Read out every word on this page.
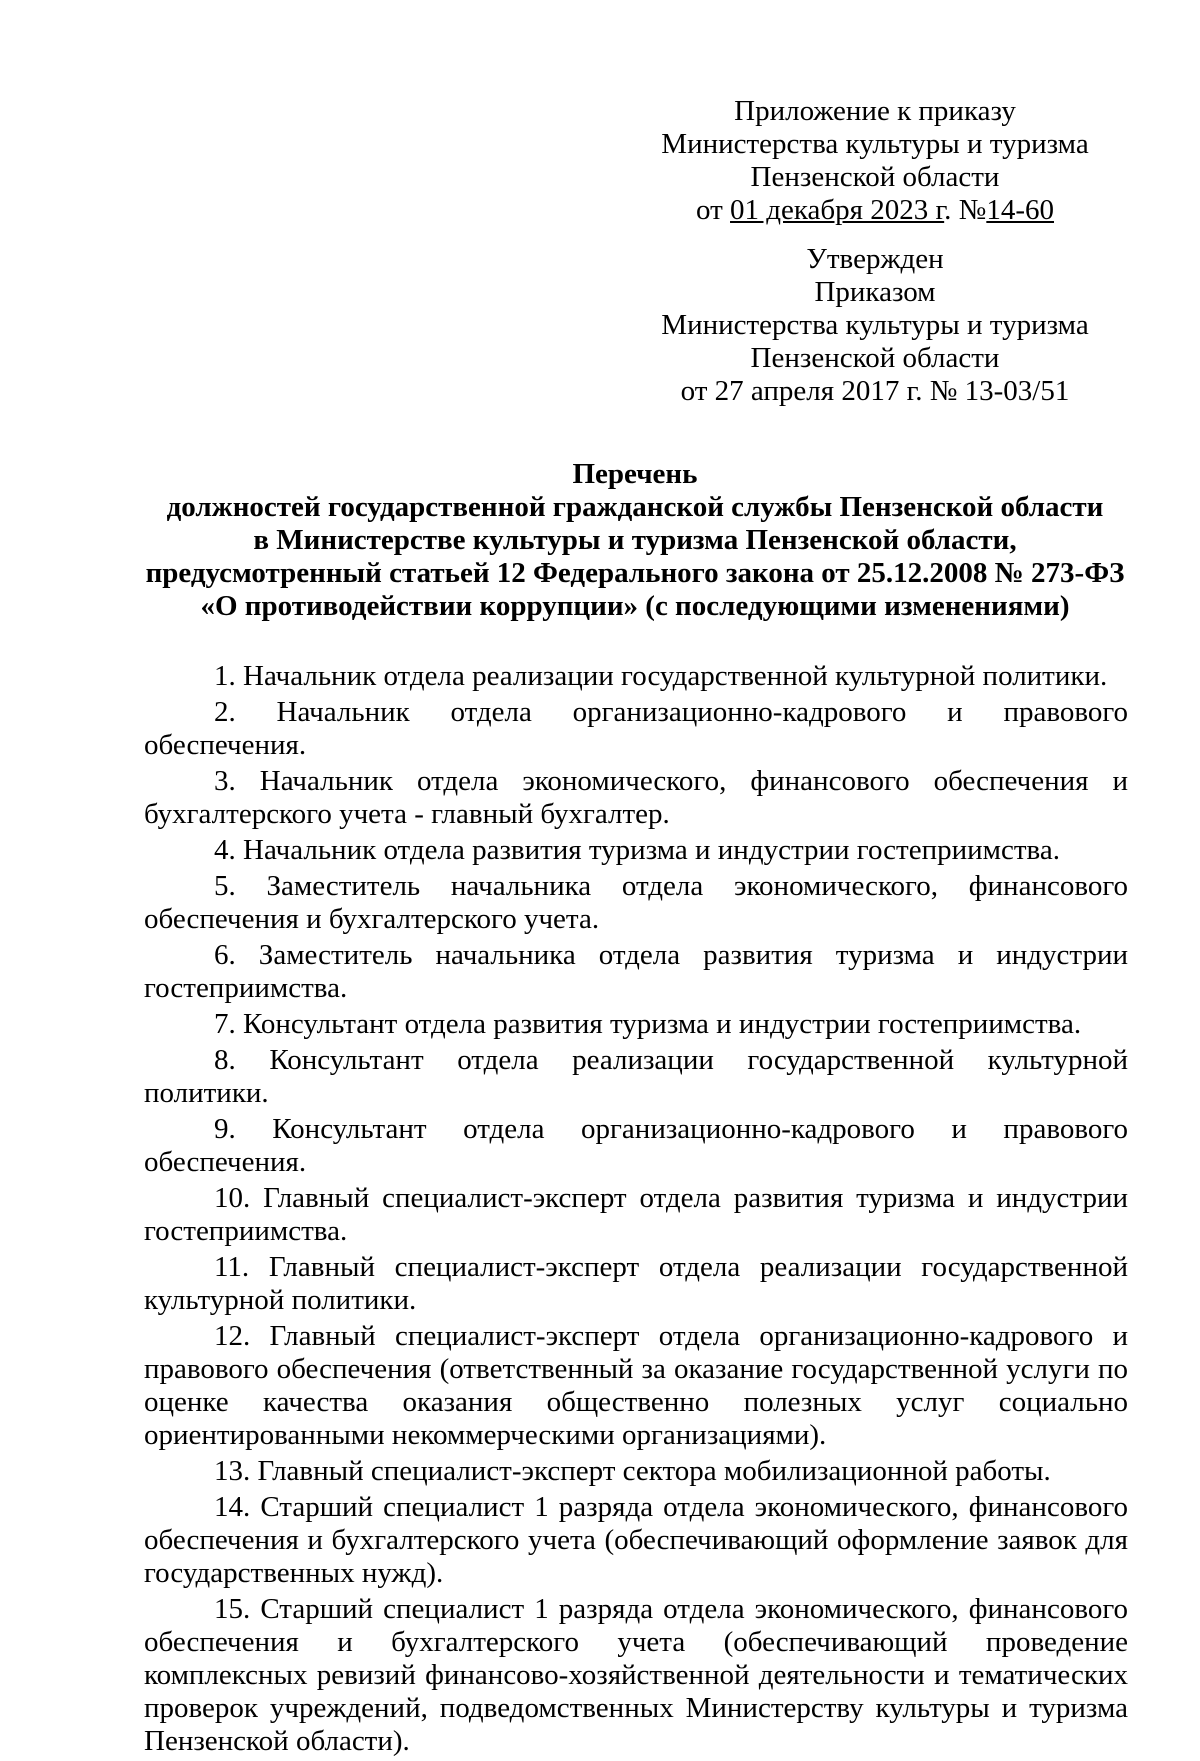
Приложение к приказу
Министерства культуры и туризма
Пензенской области
от 01 декабря 2023 г. №14-60
Утвержден
Приказом
Министерства культуры и туризма
Пензенской области
от 27 апреля 2017 г. № 13-03/51
Перечень
должностей государственной гражданской службы Пензенской области
в Министерстве культуры и туризма Пензенской области,
предусмотренный статьей 12 Федерального закона от 25.12.2008 № 273-ФЗ
«О противодействии коррупции» (с последующими изменениями)

1. Начальник отдела реализации государственной культурной политики.

2. Начальник отдела организационно-кадрового и правового обеспечения.

3. Начальник отдела экономического, финансового обеспечения и бухгалтерского учета - главный бухгалтер.

4. Начальник отдела развития туризма и индустрии гостеприимства.

5. Заместитель начальника отдела экономического, финансового обеспечения и бухгалтерского учета.

6. Заместитель начальника отдела развития туризма и индустрии гостеприимства.

7. Консультант отдела развития туризма и индустрии гостеприимства.

8. Консультант отдела реализации государственной культурной политики.

9. Консультант отдела организационно-кадрового и правового обеспечения.

10. Главный специалист-эксперт отдела развития туризма и индустрии гостеприимства.

11. Главный специалист-эксперт отдела реализации государственной культурной политики.

12. Главный специалист-эксперт отдела организационно-кадрового и правового обеспечения (ответственный за оказание государственной услуги по оценке качества оказания общественно полезных услуг социально ориентированными некоммерческими организациями).

13. Главный специалист-эксперт сектора мобилизационной работы.

14. Старший специалист 1 разряда отдела экономического, финансового обеспечения и бухгалтерского учета (обеспечивающий оформление заявок для государственных нужд).

15. Старший специалист 1 разряда отдела экономического, финансового обеспечения и бухгалтерского учета (обеспечивающий проведение комплексных ревизий финансово-хозяйственной деятельности и тематических проверок учреждений, подведомственных Министерству культуры и туризма Пензенской области).
